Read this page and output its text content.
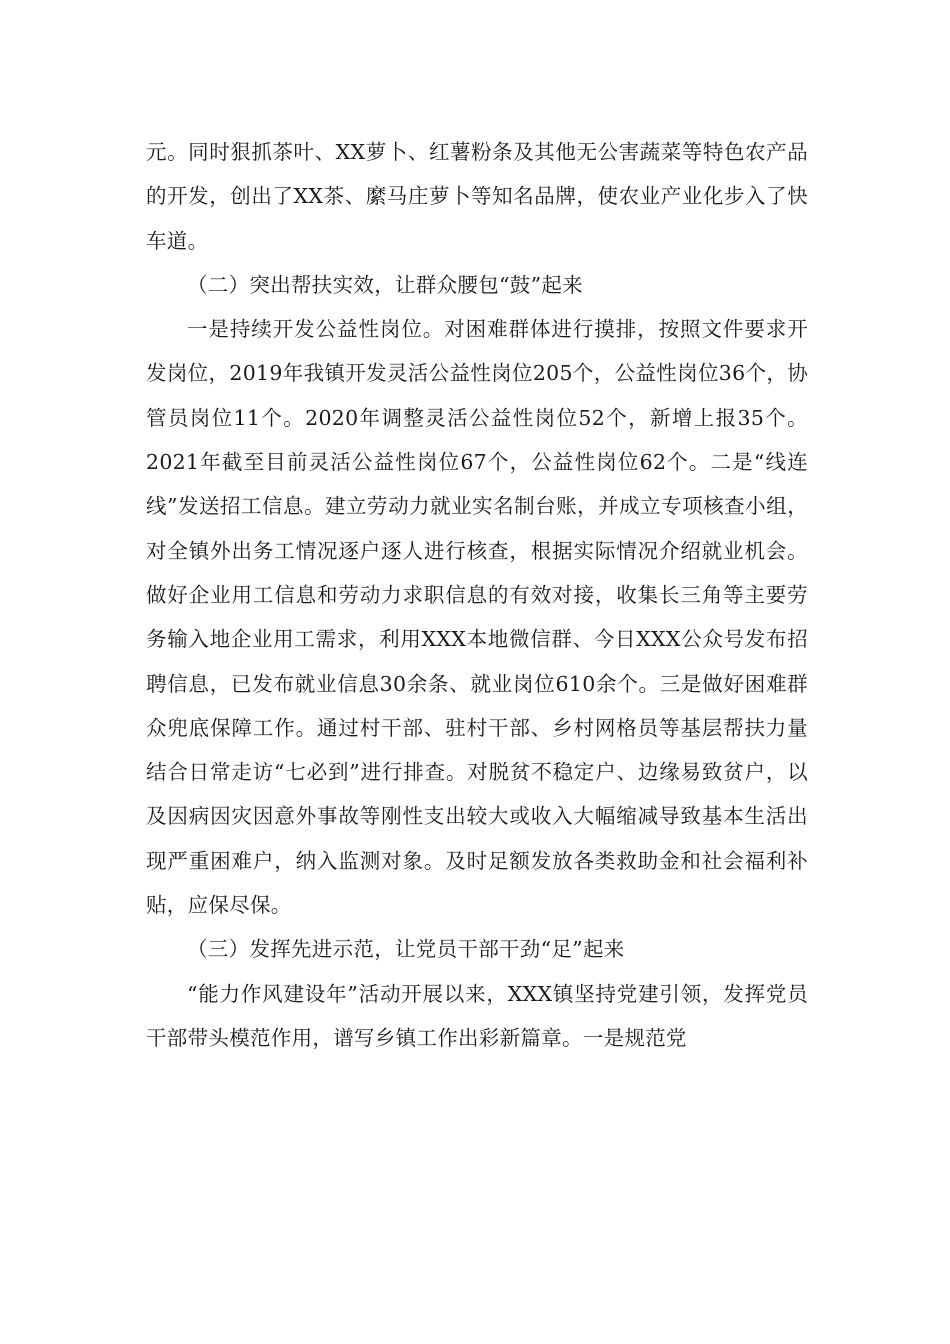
元。同时狠抓茶叶、XX萝卜、红薯粉条及其他无公害蔬菜等特色农产品的开发，创出了XX茶、縻马庄萝卜等知名品牌，使农业产业化步入了快车道。

（二）突出帮扶实效，让群众腰包“鼓”起来

一是持续开发公益性岗位。对困难群体进行摸排，按照文件要求开发岗位，2019年我镇开发灵活公益性岗位205个，公益性岗位36个，协管员岗位11个。2020年调整灵活公益性岗位52个，新增上报35个。2021年截至目前灵活公益性岗位67个，公益性岗位62个。二是“线连线”发送招工信息。建立劳动力就业实名制台账，并成立专项核查小组，对全镇外出务工情况逐户逐人进行核查，根据实际情况介绍就业机会。做好企业用工信息和劳动力求职信息的有效对接，收集长三角等主要劳务输入地企业用工需求，利用XXX本地微信群、今日XXX公众号发布招聘信息，已发布就业信息30余条、就业岗位610余个。三是做好困难群众兜底保障工作。通过村干部、驻村干部、乡村网格员等基层帮扶力量结合日常走访“七必到”进行排查。对脱贫不稳定户、边缘易致贫户，以及因病因灾因意外事故等刚性支出较大或收入大幅缩减导致基本生活出现严重困难户，纳入监测对象。及时足额发放各类救助金和社会福利补贴，应保尽保。

（三）发挥先进示范，让党员干部干劲“足”起来

“能力作风建设年”活动开展以来，XXX镇坚持党建引领，发挥党员干部带头模范作用，谱写乡镇工作出彩新篇章。一是规范党
